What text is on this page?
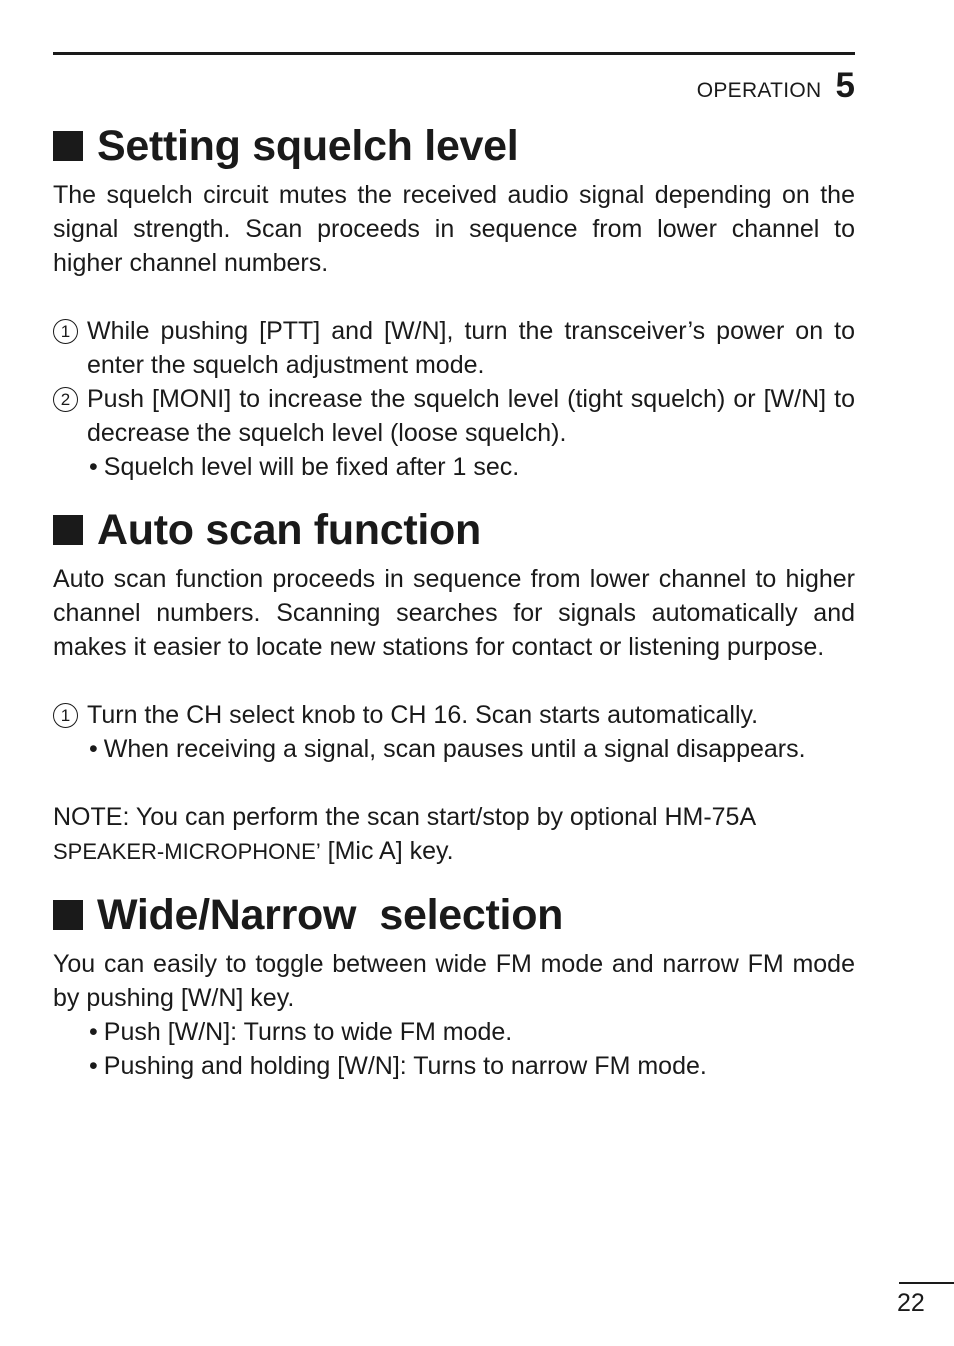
OPERATION 5
Setting squelch level

The squelch circuit mutes the received audio signal depending on the signal strength. Scan proceeds in sequence from lower channel to higher channel numbers.

1 While pushing [PTT] and [W/N], turn the transceiver’s power on to enter the squelch adjustment mode.
2 Push [MONI] to increase the squelch level (tight squelch) or [W/N] to decrease the squelch level (loose squelch).
• Squelch level will be fixed after 1 sec.
Auto scan function

Auto scan function proceeds in sequence from lower channel to higher channel numbers. Scanning searches for signals automatically and makes it easier to locate new stations for contact or listening purpose.

1 Turn the CH select knob to CH 16. Scan starts automatically.
• When receiving a signal, scan pauses until a signal disappears.

NOTE: You can perform the scan start/stop by optional HM-75A
SPEAKER-MICROPHONE’ [Mic A] key.

Wide/Narrow  selection

You can easily to toggle between wide FM mode and narrow FM mode by pushing [W/N] key.

• Push [W/N]: Turns to wide FM mode.
• Pushing and holding [W/N]: Turns to narrow FM mode.
22
